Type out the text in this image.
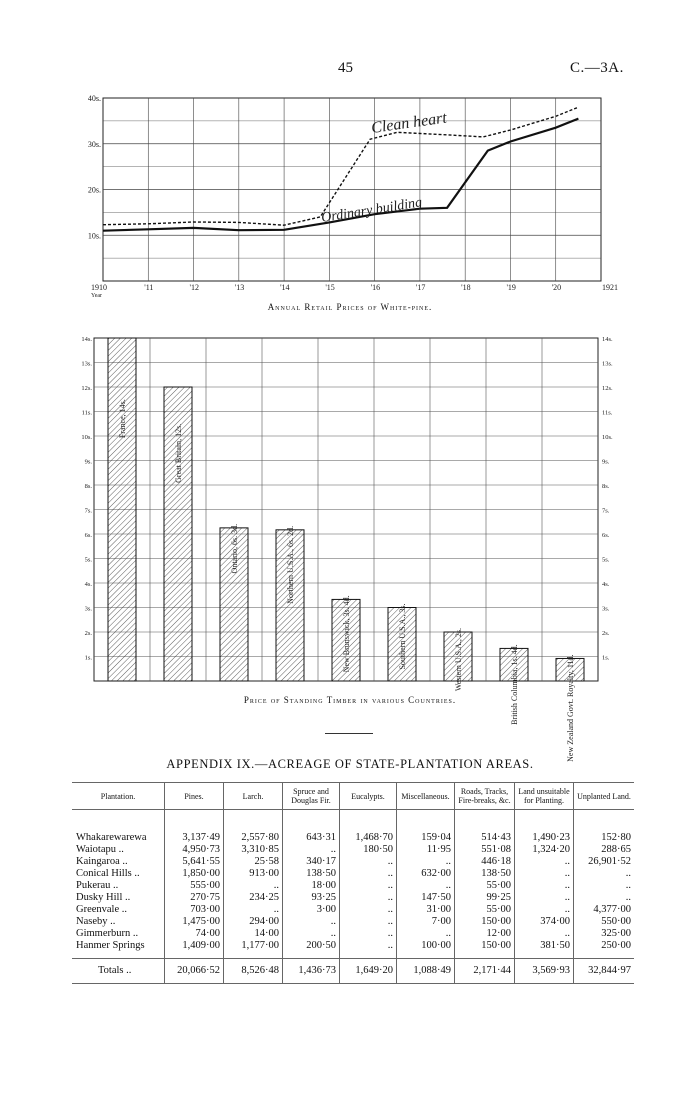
45	C.—3A.
10s.
20s.
30s.
40s.
1910	'11	'12	'13	'14	'15	'16	'17	'18	'19	'20	1921
Year
Clean heart
Ordinary building
Annual Retail Prices of White-pine.
1s.	1s.
2s.	2s.
3s.	3s.
4s.	4s.
5s.	5s.
6s.	6s.
7s.	7s.
8s.	8s.
9s.	9s.
10s.	10s.
11s.	11s.
12s.	12s.
13s.	13s.
14s.	14s.
France, 14s.
Great Britain, 12s.
Ontario, 6s. 3d.	Northern U.S.A., 6s. 2d.
New Brunswick, 3s. 4d.	Southern U.S.A., 3s.	Western U.S.A., 2s.	British Columbia, 1s. 4d.	New Zealand Govt. Royalty, 11d.
Price of Standing Timber in various Countries.
APPENDIX IX.—ACREAGE OF STATE-PLANTATION AREAS.
Plantation.	Pines.	Larch.	Spruce and Douglas Fir.	Eucalypts.	Miscellaneous.	Roads, Tracks, Fire-breaks, &c.	Land unsuitable for Planting.	Unplanted Land.
Whakarewarewa	3,137·49	2,557·80	643·31	1,468·70	159·04	514·43	1,490·23	152·80
Waiotapu ..	4,950·73	3,310·85	..	180·50	11·95	551·08	1,324·20	288·65
Kaingaroa ..	5,641·55	25·58	340·17	..	..	446·18	..	26,901·52
Conical Hills ..	1,850·00	913·00	138·50	..	632·00	138·50	..	..
Pukerau ..	555·00	..	18·00	..	..	55·00	..	..
Dusky Hill ..	270·75	234·25	93·25	..	147·50	99·25	..	..
Greenvale ..	703·00	..	3·00	..	31·00	55·00	..	4,377·00
Naseby ..	1,475·00	294·00	..	..	7·00	150·00	374·00	550·00
Gimmerburn ..	74·00	14·00	..	..	..	12·00	..	325·00
Hanmer Springs	1,409·00	1,177·00	200·50	..	100·00	150·00	381·50	250·00
Totals ..	20,066·52	8,526·48	1,436·73	1,649·20	1,088·49	2,171·44	3,569·93	32,844·97
